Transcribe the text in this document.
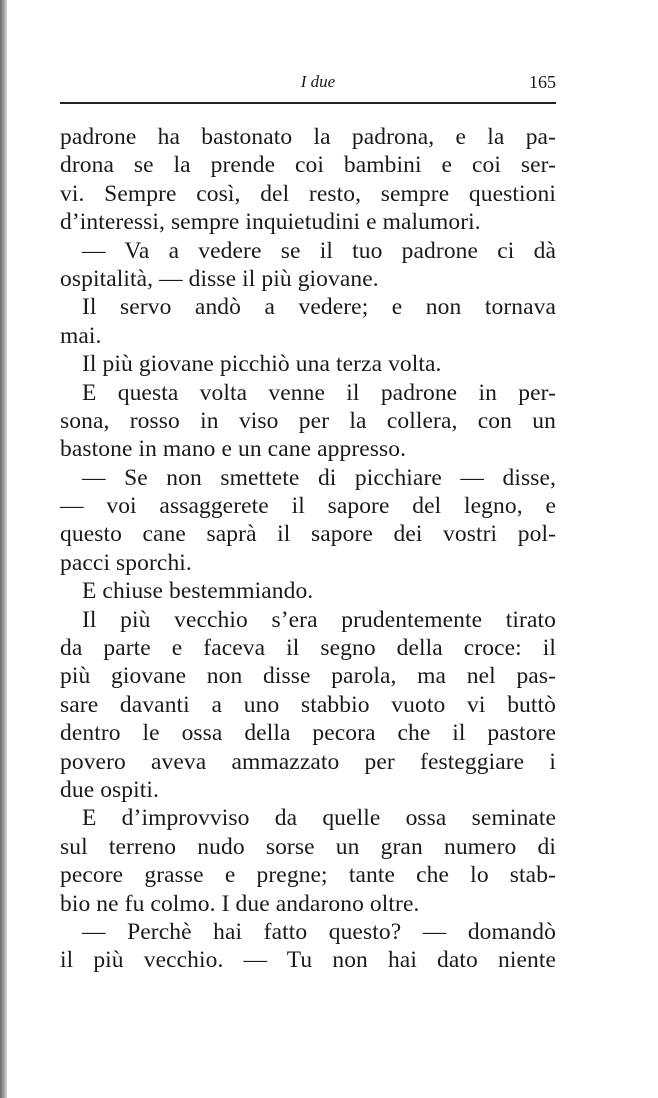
I due	165
padrone ha bastonato la padrona, e la pa-
drona se la prende coi bambini e coi ser-
vi. Sempre così, del resto, sempre questioni
d’interessi, sempre inquietudini e malumori.
— Va a vedere se il tuo padrone ci dà
ospitalità, — disse il più giovane.
Il servo andò a vedere; e non tornava
mai.
Il più giovane picchiò una terza volta.
E questa volta venne il padrone in per-
sona, rosso in viso per la collera, con un
bastone in mano e un cane appresso.
— Se non smettete di picchiare — disse,
— voi assaggerete il sapore del legno, e
questo cane saprà il sapore dei vostri pol-
pacci sporchi.
E chiuse bestemmiando.
Il più vecchio s’era prudentemente tirato
da parte e faceva il segno della croce: il
più giovane non disse parola, ma nel pas-
sare davanti a uno stabbio vuoto vi buttò
dentro le ossa della pecora che il pastore
povero aveva ammazzato per festeggiare i
due ospiti.
E d’improvviso da quelle ossa seminate
sul terreno nudo sorse un gran numero di
pecore grasse e pregne; tante che lo stab-
bio ne fu colmo. I due andarono oltre.
— Perchè hai fatto questo? — domandò
il più vecchio. — Tu non hai dato niente
